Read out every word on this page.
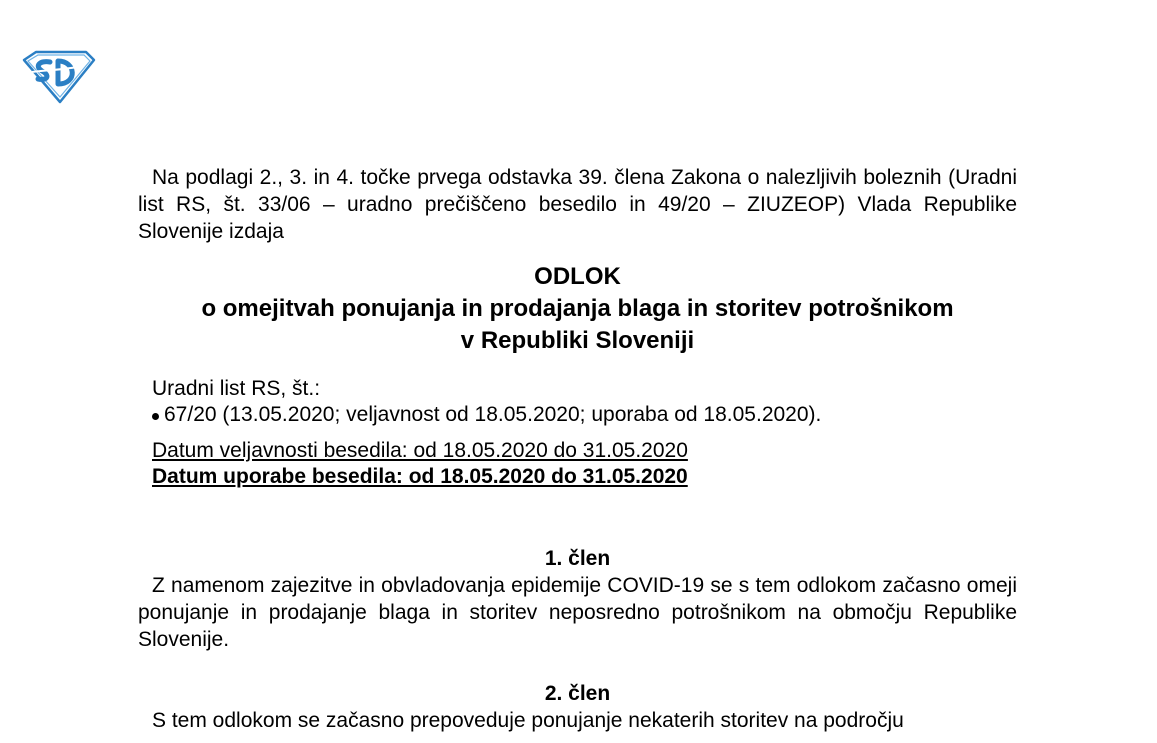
Na podlagi 2., 3. in 4. točke prvega odstavka 39. člena Zakona o nalezljivih boleznih (Uradni list RS, št. 33/06 – uradno prečiščeno besedilo in 49/20 – ZIUZEOP) Vlada Republike Slovenije izdaja

ODLOK
o omejitvah ponujanja in prodajanja blaga in storitev potrošnikom
v Republiki Sloveniji
Uradni list RS, št.:
67/20 (13.05.2020; veljavnost od 18.05.2020; uporaba od 18.05.2020).
Datum veljavnosti besedila: od 18.05.2020 do 31.05.2020
Datum uporabe besedila: od 18.05.2020 do 31.05.2020
1. člen

Z namenom zajezitve in obvladovanja epidemije COVID-19 se s tem odlokom začasno omeji ponujanje in prodajanje blaga in storitev neposredno potrošnikom na območju Republike Slovenije.

2. člen

S tem odlokom se začasno prepoveduje ponujanje nekaterih storitev na področju
